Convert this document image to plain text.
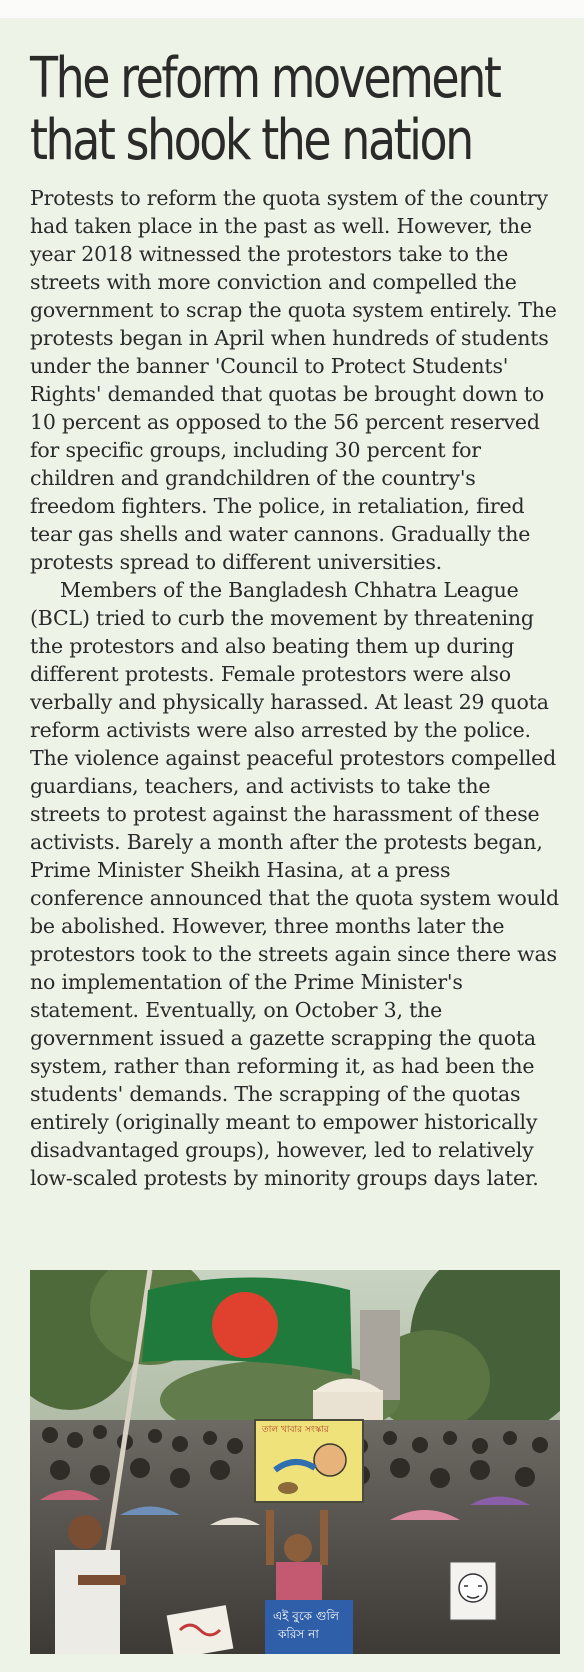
The reform movement
that shook the nation

Protests to reform the quota system of the country had taken place in the past as well. However, the year 2018 witnessed the protestors take to the streets with more conviction and compelled the government to scrap the quota system entirely. The protests began in April when hundreds of students under the banner 'Council to Protect Students' Rights' demanded that quotas be brought down to 10 percent as opposed to the 56 percent reserved for specific groups, including 30 percent for children and grandchildren of the country's freedom fighters. The police, in retaliation, fired tear gas shells and water cannons. Gradually the protests spread to different universities.

Members of the Bangladesh Chhatra League (BCL) tried to curb the movement by threatening the protestors and also beating them up during different protests. Female protestors were also verbally and physically harassed. At least 29 quota reform activists were also arrested by the police. The violence against peaceful protestors compelled guardians, teachers, and activists to take the streets to protest against the harassment of these activists. Barely a month after the protests began, Prime Minister Sheikh Hasina, at a press conference announced that the quota system would be abolished. However, three months later the protestors took to the streets again since there was no implementation of the Prime Minister's statement. Eventually, on October 3, the government issued a gazette scrapping the quota system, rather than reforming it, as had been the students' demands. The scrapping of the quotas entirely (originally meant to empower historically disadvantaged groups), however, led to relatively low-scaled protests by minority groups days later.

তাল খাবার সংস্কার
এই বুকে গুলি
করিস না
